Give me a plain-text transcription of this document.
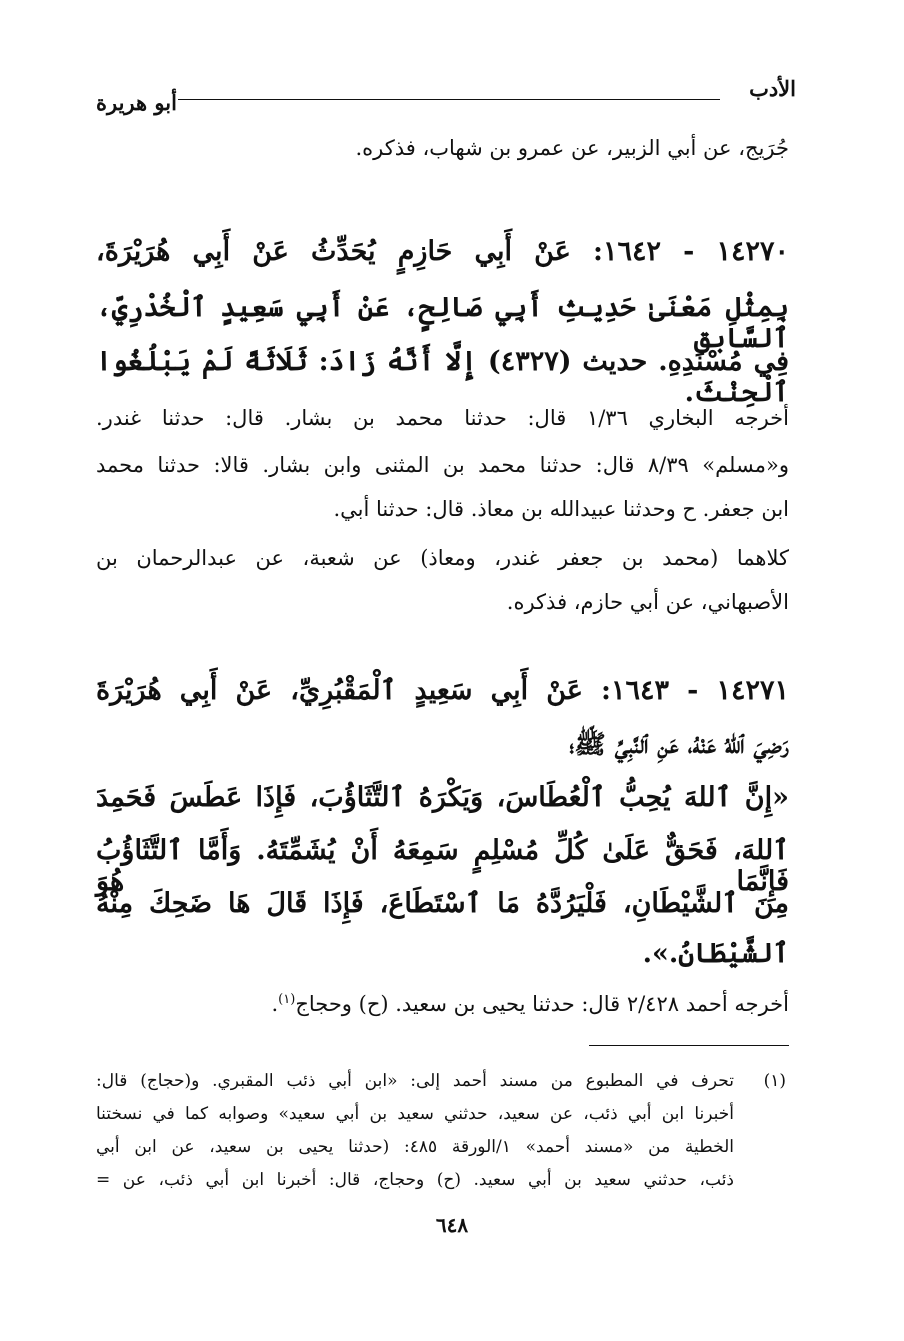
الأدب
أبو هريرة
جُرَيج، عن أبي الزبير، عن عمرو بن شهاب، فذكره.
١٤٢٧٠ - ١٦٤٢: عَنْ أَبِي حَازِمٍ يُحَدِّثُ عَنْ أَبِي هُرَيْرَةَ،
بِمِثْلِ مَعْنَىٰ حَدِيثِ أَبِي صَالِحٍ، عَنْ أَبِي سَعِيدٍ ٱلْخُدْرِيِّ، ٱلسَّابق
فِي مُسْنَدِهِ. حديث (٤٣٢٧) إِلَّا أَنَّهُ زَادَ: ثَلَاثَةً لَمْ يَبْلُغُوا ٱلْحِنْثَ.
أخرجه البخاري ١/٣٦ قال: حدثنا محمد بن بشار. قال: حدثنا غندر.
و«مسلم» ٨/٣٩ قال: حدثنا محمد بن المثنى وابن بشار. قالا: حدثنا محمد
ابن جعفر. ح وحدثنا عبيدالله بن معاذ. قال: حدثنا أبي.
كلاهما (محمد بن جعفر غندر، ومعاذ) عن شعبة، عن عبدالرحمان بن
الأصبهاني، عن أبي حازم، فذكره.
١٤٢٧١ - ١٦٤٣: عَنْ أَبِي سَعِيدٍ ٱلْمَقْبُرِيِّ، عَنْ أَبِي هُرَيْرَةَ
رَضِيَ ٱللهُ عَنْهُ، عَنِ ٱلنَّبِيِّ ﷺ؛
«إِنَّ ٱللهَ يُحِبُّ ٱلْعُطَاسَ، وَيَكْرَهُ ٱلتَّثَاؤُبَ، فَإِذَا عَطَسَ فَحَمِدَ
ٱللهَ، فَحَقٌّ عَلَىٰ كُلِّ مُسْلِمٍ سَمِعَهُ أَنْ يُشَمِّتَهُ. وَأَمَّا ٱلتَّثَاؤُبُ فَإِنَّمَا هُوَ
مِنَ ٱلشَّيْطَانِ، فَلْيَرُدَّهُ مَا ٱسْتَطَاعَ، فَإِذَا قَالَ هَا ضَحِكَ مِنْهُ
ٱلشَّيْطَانُ.».
أخرجه أحمد ٢/٤٢٨ قال: حدثنا يحيى بن سعيد. (ح) وحجاج$^{(١)}$.
(١)
تحرف في المطبوع من مسند أحمد إلى: «ابن أبي ذئب المقبري. و(حجاج) قال:
أخبرنا ابن أبي ذئب، عن سعيد، حدثني سعيد بن أبي سعيد» وصوابه كما في نسختنا
الخطية من «مسند أحمد» ١/الورقة ٤٨٥: (حدثنا يحيى بن سعيد، عن ابن أبي
ذئب، حدثني سعيد بن أبي سعيد. (ح) وحجاج، قال: أخبرنا ابن أبي ذئب، عن =
٦٤٨
